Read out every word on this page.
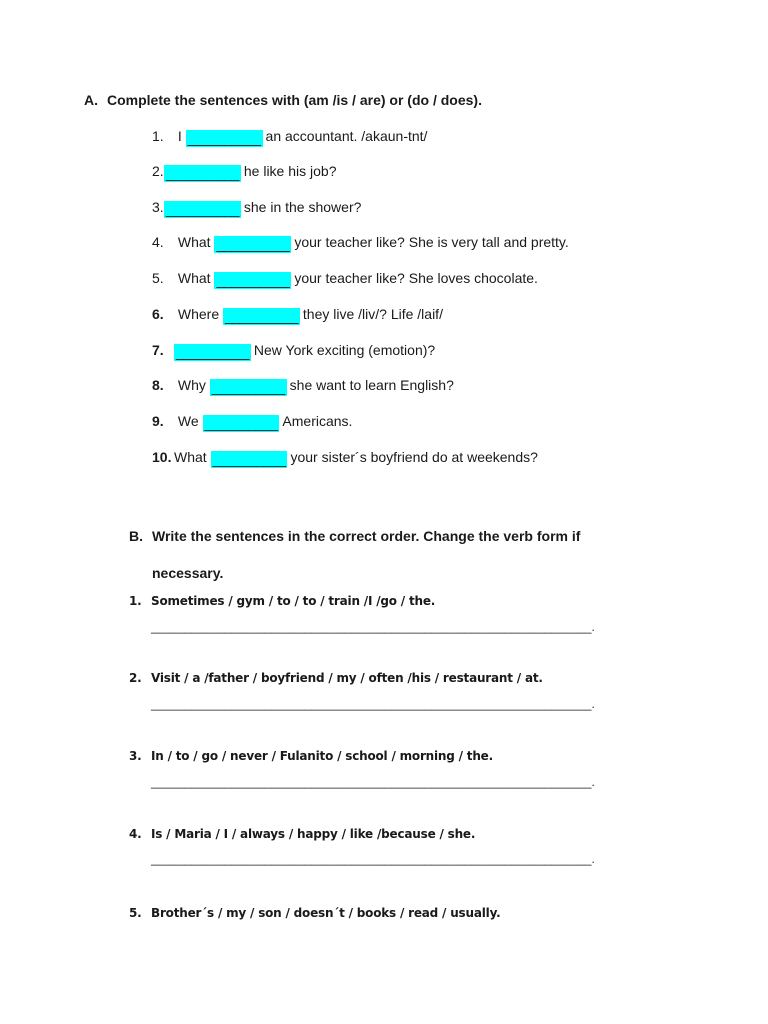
A. Complete the sentences with (am /is / are) or (do / does).
1. I __________ an accountant. /akaun-tnt/
2. __________ he like his job?
3. __________ she in the shower?
4. What __________ your teacher like? She is very tall and pretty.
5. What __________ your teacher like? She loves chocolate.
6. Where __________ they live /liv/? Life /laif/
7. __________ New York exciting (emotion)?
8. Why __________ she want to learn English?
9. We __________ Americans.
10. What __________ your sister´s boyfriend do at weekends?
B. Write the sentences in the correct order. Change the verb form if
necessary.
1. Sometimes / gym / to / to / train /I /go / the.
__________________________________________________________________.
2. Visit / a /father / boyfriend / my / often /his / restaurant / at.
__________________________________________________________________.
3. In / to / go / never / Fulanito / school / morning / the.
__________________________________________________________________.
4. Is / Maria / I / always / happy / like /because / she.
__________________________________________________________________.
5. Brother´s / my / son / doesn´t / books / read / usually.
